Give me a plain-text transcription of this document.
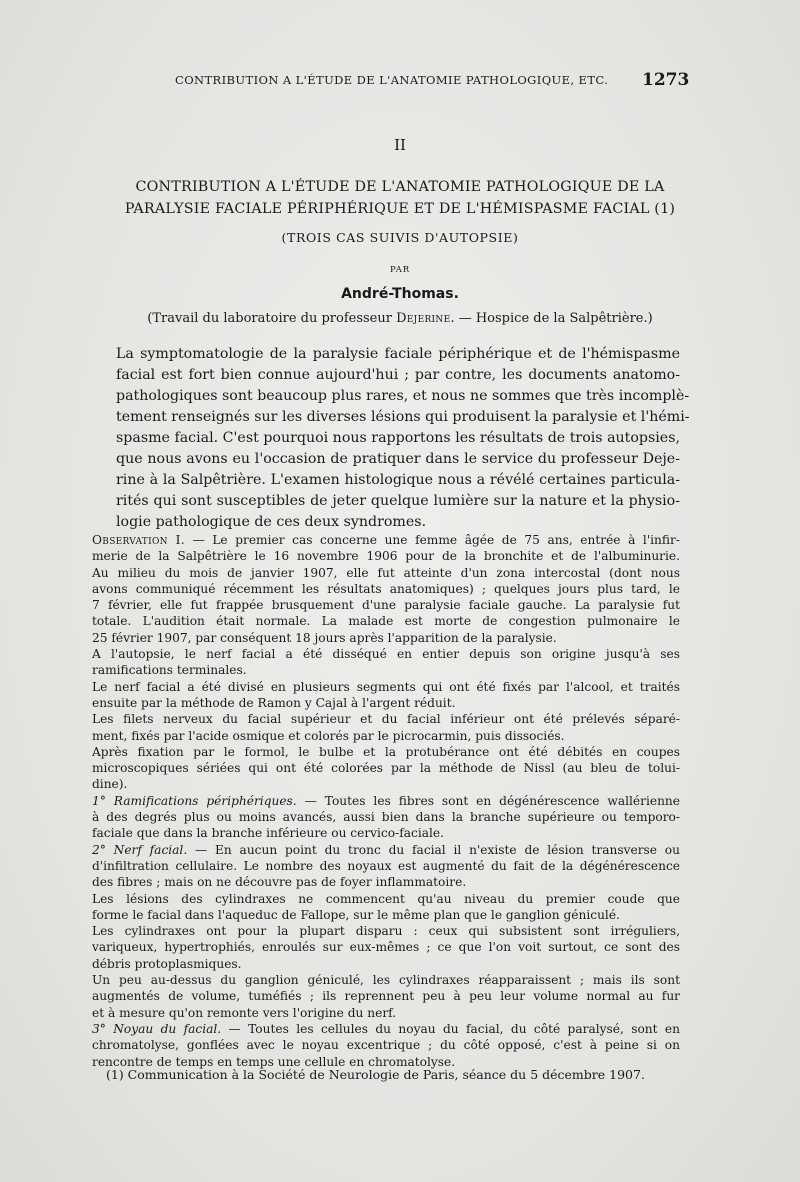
CONTRIBUTION A L'ÉTUDE DE L'ANATOMIE PATHOLOGIQUE, ETC.	1273
II
CONTRIBUTION A L'ÉTUDE DE L'ANATOMIE PATHOLOGIQUE DE LA
PARALYSIE FACIALE PÉRIPHÉRIQUE ET DE L'HÉMISPASME FACIAL (1)
(TROIS CAS SUIVIS D'AUTOPSIE)
PAR
André-Thomas.
(Travail du laboratoire du professeur Dejerine. — Hospice de la Salpêtrière.)
La symptomatologie de la paralysie faciale périphérique et de l'hémispasme
facial est fort bien connue aujourd'hui ; par contre, les documents anatomo-
pathologiques sont beaucoup plus rares, et nous ne sommes que très incomplè-
tement renseignés sur les diverses lésions qui produisent la paralysie et l'hémi-
spasme facial. C'est pourquoi nous rapportons les résultats de trois autopsies,
que nous avons eu l'occasion de pratiquer dans le service du professeur Deje-
rine à la Salpêtrière. L'examen histologique nous a révélé certaines particula-
rités qui sont susceptibles de jeter quelque lumière sur la nature et la physio-
logie pathologique de ces deux syndromes.
Observation I. — Le premier cas concerne une femme âgée de 75 ans, entrée à l'infir-
merie de la Salpêtrière le 16 novembre 1906 pour de la bronchite et de l'albuminurie.
Au milieu du mois de janvier 1907, elle fut atteinte d'un zona intercostal (dont nous
avons communiqué récemment les résultats anatomiques) ; quelques jours plus tard, le
7 février, elle fut frappée brusquement d'une paralysie faciale gauche. La paralysie fut
totale. L'audition était normale. La malade est morte de congestion pulmonaire le
25 février 1907, par conséquent 18 jours après l'apparition de la paralysie.
A l'autopsie, le nerf facial a été disséqué en entier depuis son origine jusqu'à ses
ramifications terminales.
Le nerf facial a été divisé en plusieurs segments qui ont été fixés par l'alcool, et traités
ensuite par la méthode de Ramon y Cajal à l'argent réduit.
Les filets nerveux du facial supérieur et du facial inférieur ont été prélevés séparé-
ment, fixés par l'acide osmique et colorés par le picrocarmin, puis dissociés.
Après fixation par le formol, le bulbe et la protubérance ont été débités en coupes
microscopiques sériées qui ont été colorées par la méthode de Nissl (au bleu de tolui-
dine).
1° Ramifications périphériques. — Toutes les fibres sont en dégénérescence wallérienne
à des degrés plus ou moins avancés, aussi bien dans la branche supérieure ou temporo-
faciale que dans la branche inférieure ou cervico-faciale.
2° Nerf facial. — En aucun point du tronc du facial il n'existe de lésion transverse ou
d'infiltration cellulaire. Le nombre des noyaux est augmenté du fait de la dégénérescence
des fibres ; mais on ne découvre pas de foyer inflammatoire.
Les lésions des cylindraxes ne commencent qu'au niveau du premier coude que
forme le facial dans l'aqueduc de Fallope, sur le même plan que le ganglion géniculé.
Les cylindraxes ont pour la plupart disparu : ceux qui subsistent sont irréguliers,
variqueux, hypertrophiés, enroulés sur eux-mêmes ; ce que l'on voit surtout, ce sont des
débris protoplasmiques.
Un peu au-dessus du ganglion géniculé, les cylindraxes réapparaissent ; mais ils sont
augmentés de volume, tuméfiés ; ils reprennent peu à peu leur volume normal au fur
et à mesure qu'on remonte vers l'origine du nerf.
3° Noyau du facial. — Toutes les cellules du noyau du facial, du côté paralysé, sont en
chromatolyse, gonflées avec le noyau excentrique ; du côté opposé, c'est à peine si on
rencontre de temps en temps une cellule en chromatolyse.
(1) Communication à la Société de Neurologie de Paris, séance du 5 décembre 1907.
